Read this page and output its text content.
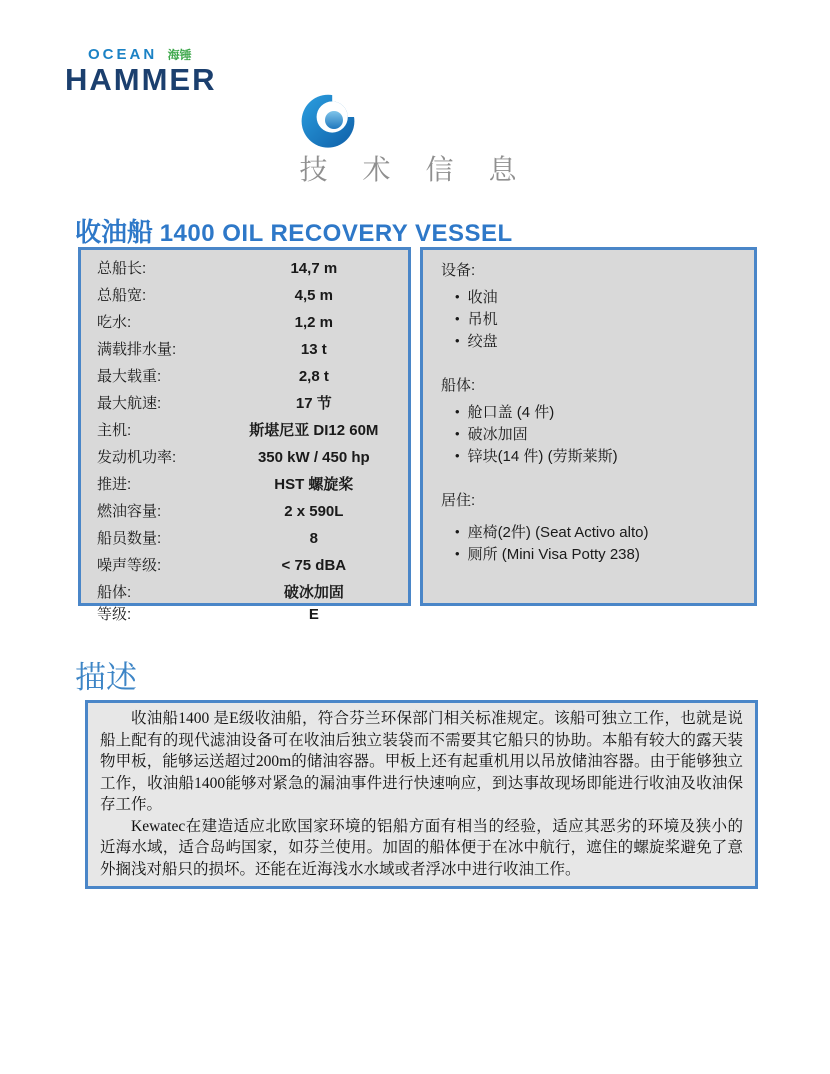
OCEAN 海锤
HAMMER
技 术 信 息
收油船 1400 OIL RECOVERY VESSEL
总船长:	14,7 m
总船宽:	4,5 m
吃水:	1,2 m
满载排水量:	13 t
最大载重:	2,8 t
最大航速:	17 节
主机:	斯堪尼亚 DI12 60M
发动机功率:	350 kW / 450 hp
推进:	HST 螺旋桨
燃油容量:	2 x 590L
船员数量:	8
噪声等级:	< 75 dBA
船体:	破冰加固
等级:	E

设备:

• 收油
• 吊机
• 绞盘

船体:

• 舱口盖 (4 件)
• 破冰加固
• 锌块(14 件) (劳斯莱斯)

居住:

• 座椅(2件) (Seat Activo alto)
• 厕所 (Mini Visa Potty 238)
描述

收油船1400 是E级收油船，符合芬兰环保部门相关标准规定。该船可独立工作，也就是说船上配有的现代滤油设备可在收油后独立装袋而不需要其它船只的协助。本船有较大的露天装物甲板，能够运送超过200m的储油容器。甲板上还有起重机用以吊放储油容器。由于能够独立工作，收油船1400能够对紧急的漏油事件进行快速响应，到达事故现场即能进行收油及收油保存工作。

Kewatec在建造适应北欧国家环境的铝船方面有相当的经验，适应其恶劣的环境及狭小的近海水域，适合岛屿国家，如芬兰使用。加固的船体便于在冰中航行，遮住的螺旋桨避免了意外搁浅对船只的损坏。还能在近海浅水水域或者浮冰中进行收油工作。
